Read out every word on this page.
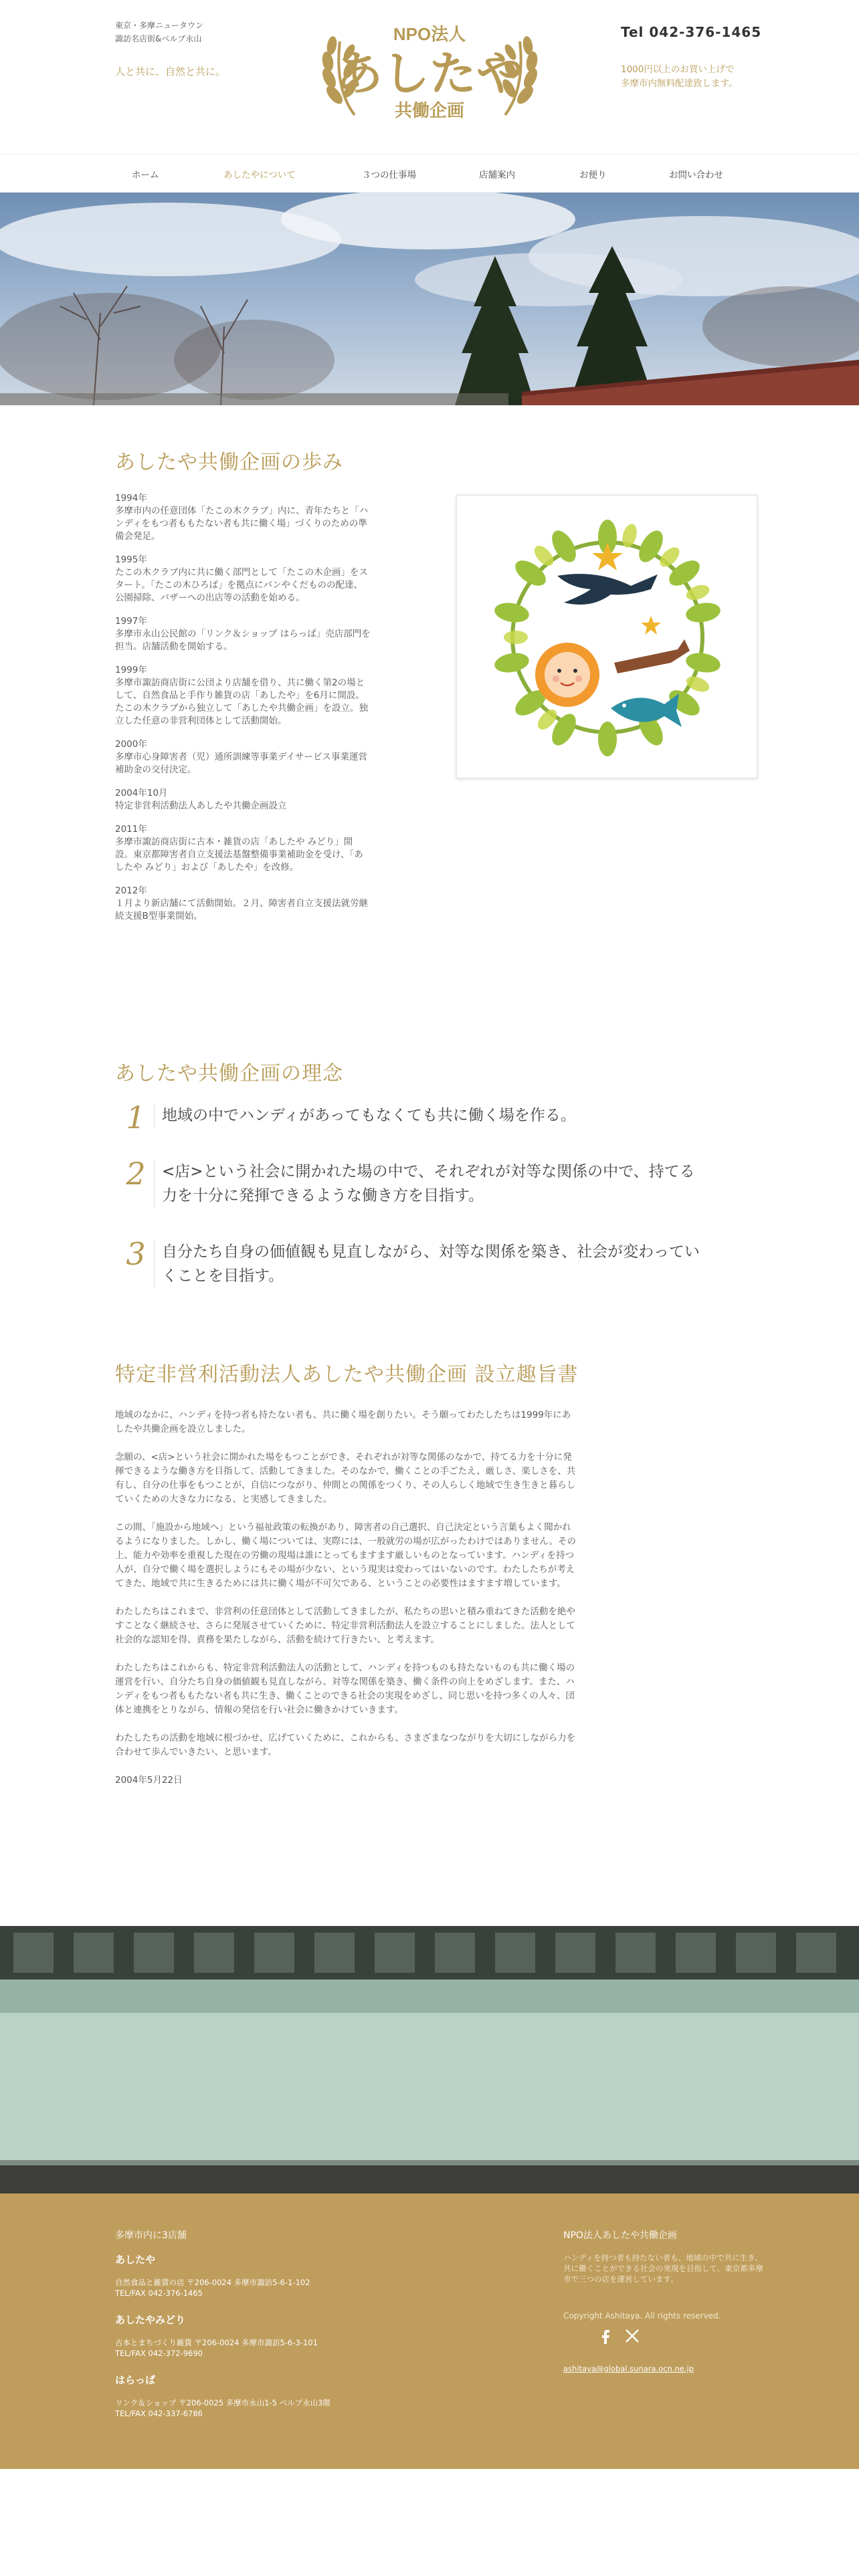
東京・多摩ニュータウン
諏訪名店街&ベルブ永山
人と共に、自然と共に。
NPO法人
あしたや
共働企画
Tel 042-376-1465
1000円以上のお買い上げで
多摩市内無料配達致します。
ホーム	あしたやについて	３つの仕事場	店舗案内	お便り	お問い合わせ
あしたや共働企画の歩み
1994年
多摩市内の任意団体「たこの木クラブ」内に、青年たちと「ハンディをもつ者ももたない者も共に働く場」づくりのための準備会発足。
1995年
たこの木クラブ内に共に働く部門として「たこの木企画」をスタート。「たこの木ひろば」を拠点にパンやくだものの配達、公園掃除、バザーへの出店等の活動を始める。
1997年
多摩市永山公民館の「リンク＆ショップ はらっぱ」売店部門を担当。店舗活動を開始する。
1999年
多摩市諏訪商店街に公団より店舗を借り、共に働く第2の場として、自然食品と手作り雑貨の店「あしたや」を6月に開設。たこの木クラブから独立して「あしたや共働企画」を設立。独立した任意の非営利団体として活動開始。
2000年
多摩市心身障害者（児）通所訓練等事業デイサービス事業運営補助金の交付決定。
2004年10月
特定非営利活動法人あしたや共働企画設立
2011年
多摩市諏訪商店街に古本・雑貨の店「あしたや みどり」開設。東京都障害者自立支援法基盤整備事業補助金を受け、「あしたや みどり」および「あしたや」を改修。
2012年
１月より新店舗にて活動開始。２月、障害者自立支援法就労継続支援B型事業開始。
あしたや共働企画の理念
1	地域の中でハンディがあってもなくても共に働く場を作る。
2	<店>という社会に開かれた場の中で、それぞれが対等な関係の中で、持てる力を十分に発揮できるような働き方を目指す。
3	自分たち自身の価値観も見直しながら、対等な関係を築き、社会が変わっていくことを目指す。
特定非営利活動法人あしたや共働企画 設立趣旨書

地域のなかに、ハンディを持つ者も持たない者も、共に働く場を創りたい。そう願ってわたしたちは1999年にあしたや共働企画を設立しました。

念願の、<店>という社会に開かれた場をもつことができ、それぞれが対等な関係のなかで、持てる力を十分に発揮できるような働き方を目指して、活動してきました。そのなかで、働くことの手ごたえ、厳しさ、楽しさを、共有し、自分の仕事をもつことが、自信につながり、仲間との関係をつくり、その人らしく地域で生き生きと暮らしていくための大きな力になる、と実感してきました。

この間、「施設から地域へ」という福祉政策の転換があり、障害者の自己選択、自己決定という言葉もよく聞かれるようになりました。しかし、働く場については、実際には、一般就労の場が広がったわけではありません。その上、能力や効率を重視した現在の労働の現場は誰にとってもますます厳しいものとなっています。ハンディを持つ人が、自分で働く場を選択しようにもその場が少ない、という現実は変わってはいないのです。わたしたちが考えてきた、地域で共に生きるためには共に働く場が不可欠である、ということの必要性はますます増しています。

わたしたちはこれまで、非営利の任意団体として活動してきましたが、私たちの思いと積み重ねてきた活動を絶やすことなく継続させ、さらに発展させていくために、特定非営利活動法人を設立することにしました。法人として社会的な認知を得、責務を果たしながら、活動を続けて行きたい、と考えます。

わたしたちはこれからも、特定非営利活動法人の活動として、ハンディを持つものも持たないものも共に働く場の運営を行い、自分たち自身の価値観も見直しながら、対等な関係を築き、働く条件の向上をめざします。また、ハンディをもつ者ももたない者も共に生き、働くことのできる社会の実現をめざし、同じ思いを持つ多くの人々、団体と連携をとりながら、情報の発信を行い社会に働きかけていきます。

わたしたちの活動を地域に根づかせ、広げていくために、これからも、さまざまなつながりを大切にしながら力を合わせて歩んでいきたい、と思います。

2004年5月22日

多摩市内に3店舗
あしたや
自然食品と雑貨の店 〒206-0024 多摩市諏訪5-6-1-102
TEL/FAX 042-376-1465
あしたやみどり
古本とまちづくり雑貨 〒206-0024 多摩市諏訪5-6-3-101
TEL/FAX 042-372-9690
はらっぱ
リンク＆ショップ 〒206-0025 多摩市永山1-5 ベルブ永山3階
TEL/FAX 042-337-6786
NPO法人あしたや共働企画
ハンディを持つ者も持たない者も、地域の中で共に生き、共に働くことができる社会の実現を目指して、東京都多摩市で三つの店を運営しています。
Copyright Ashitaya. All rights reserved.
ashitaya@global.sunara.ocn.ne.jp
